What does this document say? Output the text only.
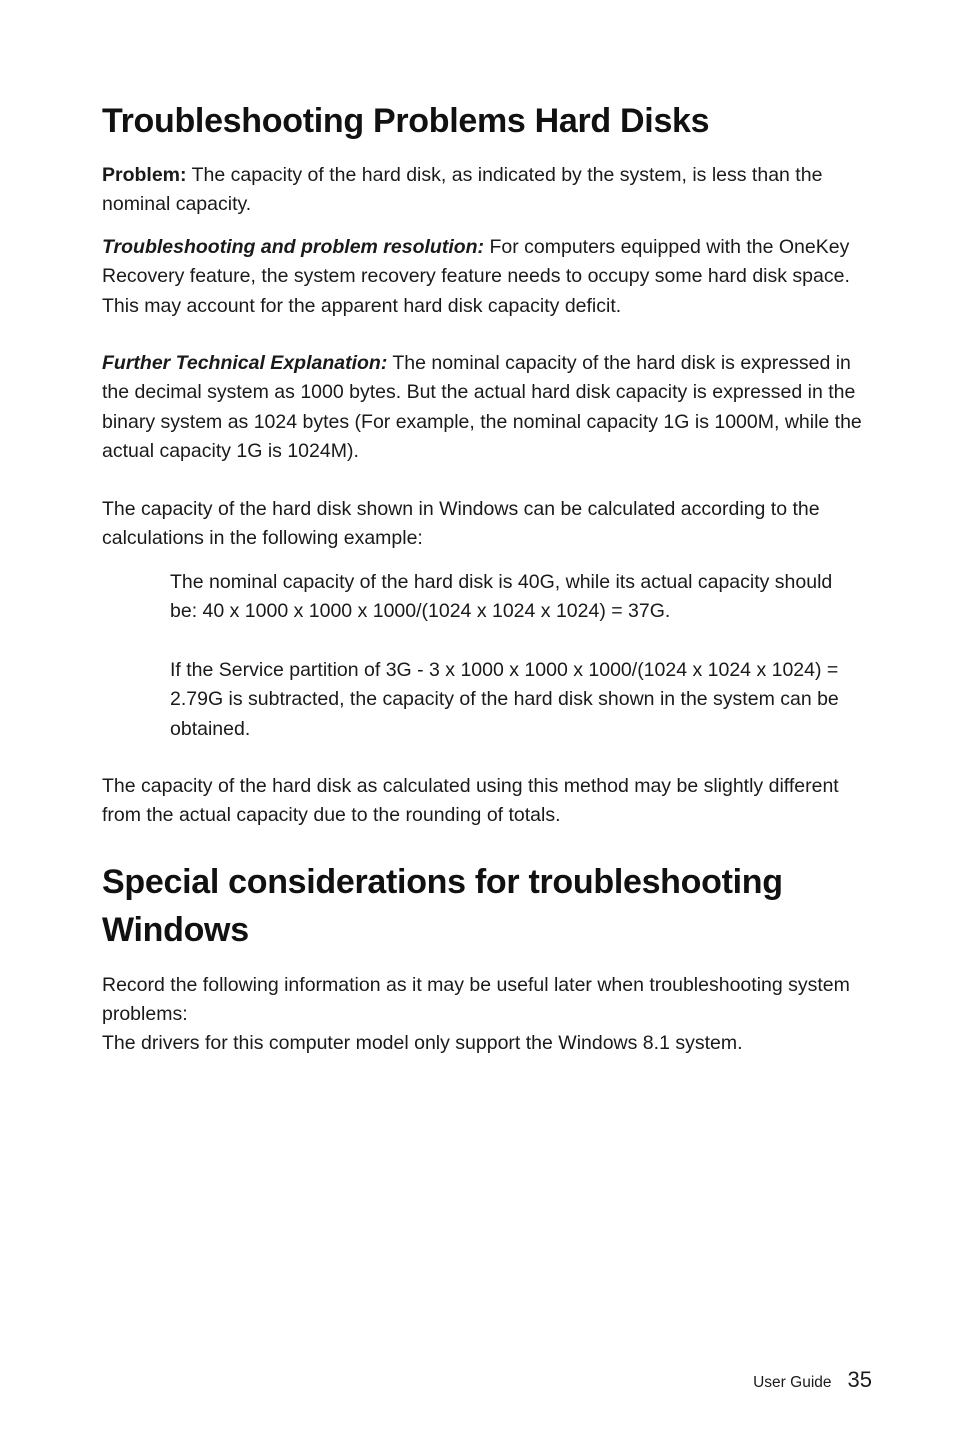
Troubleshooting Problems Hard Disks

Problem: The capacity of the hard disk, as indicated by the system, is less than the nominal capacity.

Troubleshooting and problem resolution: For computers equipped with the OneKey Recovery feature, the system recovery feature needs to occupy some hard disk space. This may account for the apparent hard disk capacity deficit.

Further Technical Explanation: The nominal capacity of the hard disk is expressed in the decimal system as 1000 bytes. But the actual hard disk capacity is expressed in the binary system as 1024 bytes (For example, the nominal capacity 1G is 1000M, while the actual capacity 1G is 1024M).

The capacity of the hard disk shown in Windows can be calculated according to the calculations in the following example:

The nominal capacity of the hard disk is 40G, while its actual capacity should be: 40 x 1000 x 1000 x 1000/(1024 x 1024 x 1024) = 37G.

If the Service partition of 3G - 3 x 1000 x 1000 x 1000/(1024 x 1024 x 1024) = 2.79G is subtracted, the capacity of the hard disk shown in the system can be obtained.

The capacity of the hard disk as calculated using this method may be slightly different from the actual capacity due to the rounding of totals.

Special considerations for troubleshooting
Windows

Record the following information as it may be useful later when troubleshooting system problems:

The drivers for this computer model only support the Windows 8.1 system.

User Guide 35
